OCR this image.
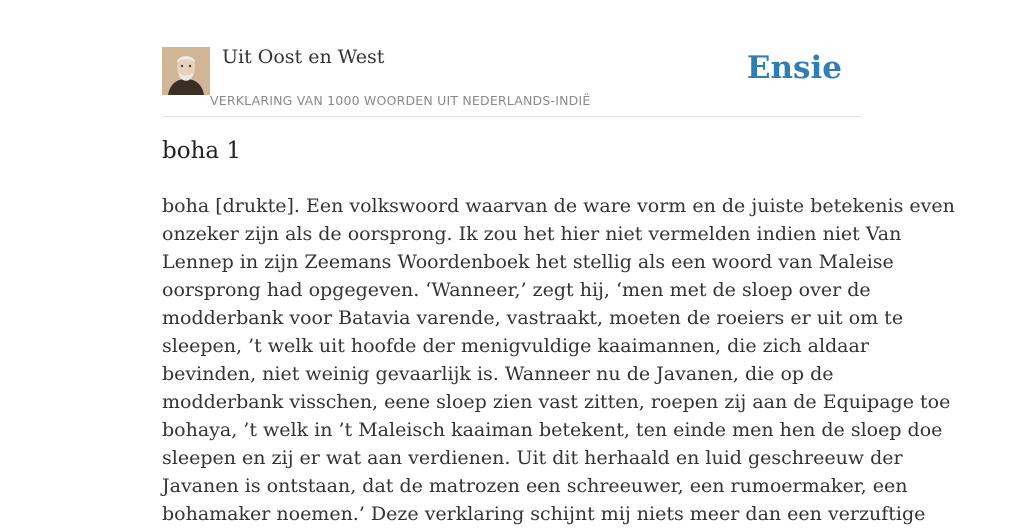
Uit Oost en West
VERKLARING VAN 1000 WOORDEN UIT NEDERLANDS-INDIË
Ensie
boha 1
boha [drukte]. Een volkswoord waarvan de ware vorm en de juiste betekenis even
onzeker zijn als de oorsprong. Ik zou het hier niet vermelden indien niet Van
Lennep in zijn Zeemans Woordenboek het stellig als een woord van Maleise
oorsprong had opgegeven. ‘Wanneer,’ zegt hij, ‘men met de sloep over de
modderbank voor Batavia varende, vastraakt, moeten de roeiers er uit om te
sleepen, ’t welk uit hoofde der menigvuldige kaaimannen, die zich aldaar
bevinden, niet weinig gevaarlijk is. Wanneer nu de Javanen, die op de
modderbank visschen, eene sloep zien vast zitten, roepen zij aan de Equipage toe
bohaya, ’t welk in ’t Maleisch kaaiman betekent, ten einde men hen de sloep doe
sleepen en zij er wat aan verdienen. Uit dit herhaald en luid geschreeuw der
Javanen is ontstaan, dat de matrozen een schreeuwer, een rumoermaker, een
bohamaker noemen.’ Deze verklaring schijnt mij niets meer dan een verzuftige
